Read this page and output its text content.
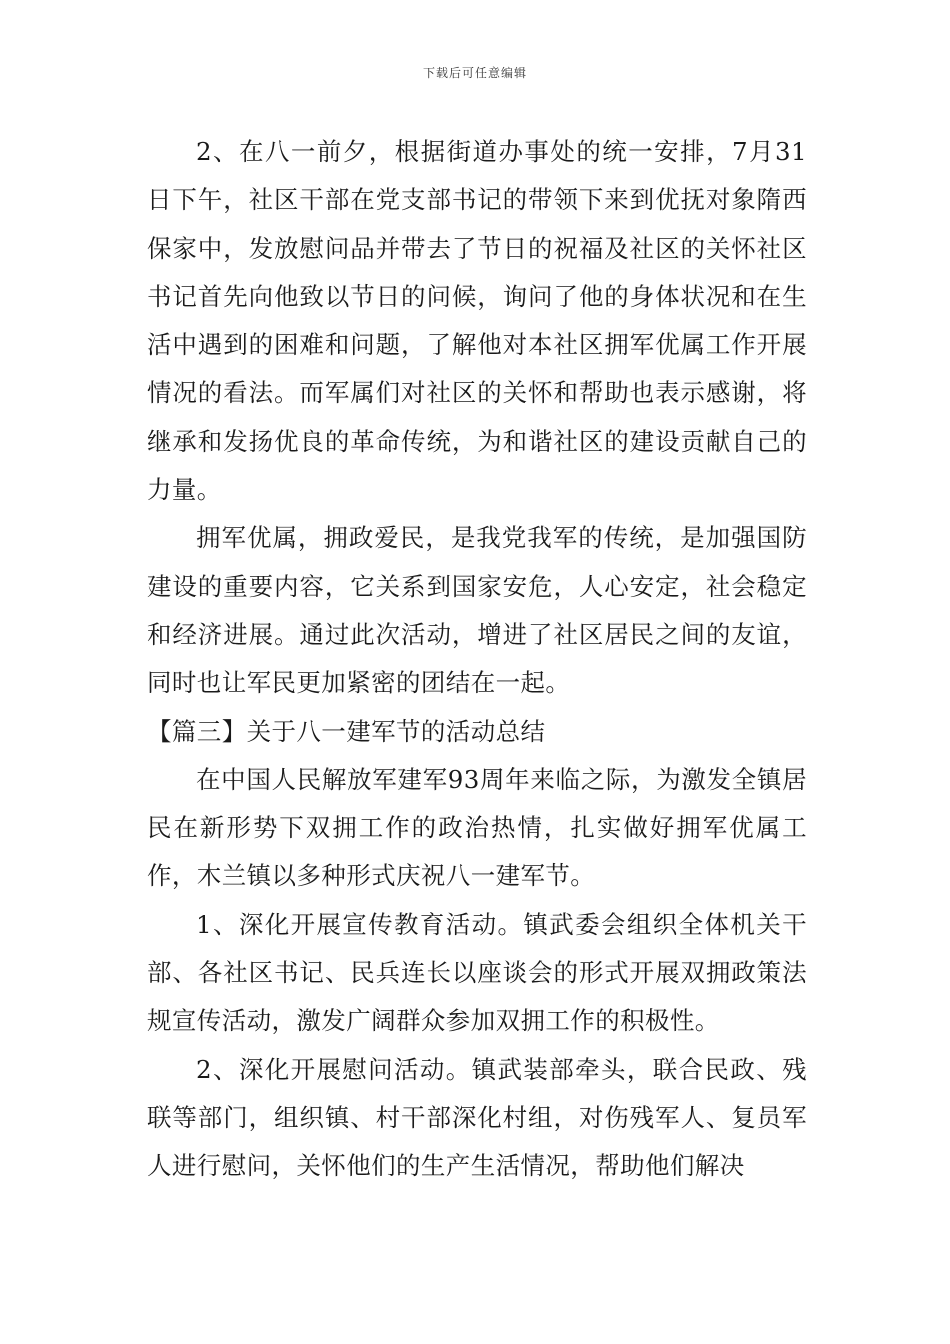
下载后可任意编辑

2、在八一前夕，根据街道办事处的统一安排，7月31日下午，社区干部在党支部书记的带领下来到优抚对象隋西保家中，发放慰问品并带去了节日的祝福及社区的关怀社区书记首先向他致以节日的问候，询问了他的身体状况和在生活中遇到的困难和问题，了解他对本社区拥军优属工作开展情况的看法。而军属们对社区的关怀和帮助也表示感谢，将继承和发扬优良的革命传统，为和谐社区的建设贡献自己的力量。

拥军优属，拥政爱民，是我党我军的传统，是加强国防建设的重要内容，它关系到国家安危，人心安定，社会稳定和经济进展。通过此次活动，增进了社区居民之间的友谊，同时也让军民更加紧密的团结在一起。

【篇三】关于八一建军节的活动总结

在中国人民解放军建军93周年来临之际，为激发全镇居民在新形势下双拥工作的政治热情，扎实做好拥军优属工作，木兰镇以多种形式庆祝八一建军节。

1、深化开展宣传教育活动。镇武委会组织全体机关干部、各社区书记、民兵连长以座谈会的形式开展双拥政策法规宣传活动，激发广阔群众参加双拥工作的积极性。

2、深化开展慰问活动。镇武装部牵头，联合民政、残联等部门，组织镇、村干部深化村组，对伤残军人、复员军人进行慰问，关怀他们的生产生活情况，帮助他们解决
